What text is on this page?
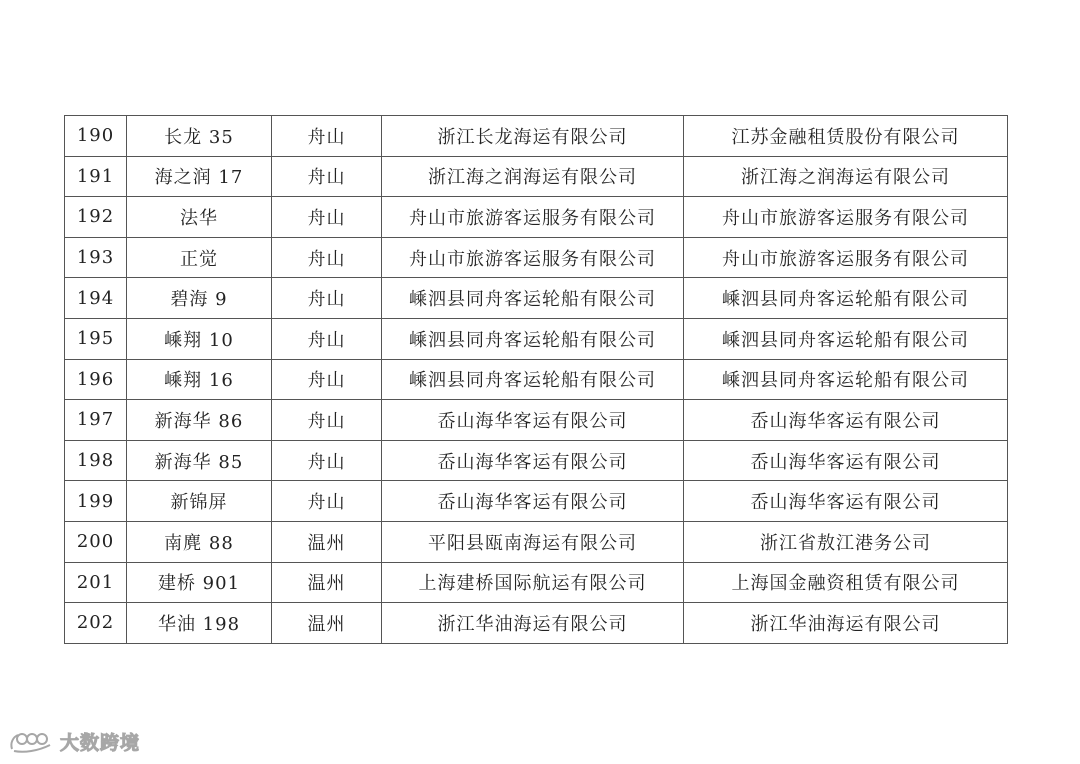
190	长龙 35	舟山	浙江长龙海运有限公司	江苏金融租赁股份有限公司
191	海之润 17	舟山	浙江海之润海运有限公司	浙江海之润海运有限公司
192	法华	舟山	舟山市旅游客运服务有限公司	舟山市旅游客运服务有限公司
193	正觉	舟山	舟山市旅游客运服务有限公司	舟山市旅游客运服务有限公司
194	碧海 9	舟山	嵊泗县同舟客运轮船有限公司	嵊泗县同舟客运轮船有限公司
195	嵊翔 10	舟山	嵊泗县同舟客运轮船有限公司	嵊泗县同舟客运轮船有限公司
196	嵊翔 16	舟山	嵊泗县同舟客运轮船有限公司	嵊泗县同舟客运轮船有限公司
197	新海华 86	舟山	岙山海华客运有限公司	岙山海华客运有限公司
198	新海华 85	舟山	岙山海华客运有限公司	岙山海华客运有限公司
199	新锦屏	舟山	岙山海华客运有限公司	岙山海华客运有限公司
200	南麂 88	温州	平阳县瓯南海运有限公司	浙江省敖江港务公司
201	建桥 901	温州	上海建桥国际航运有限公司	上海国金融资租赁有限公司
202	华油 198	温州	浙江华油海运有限公司	浙江华油海运有限公司
大数跨境
